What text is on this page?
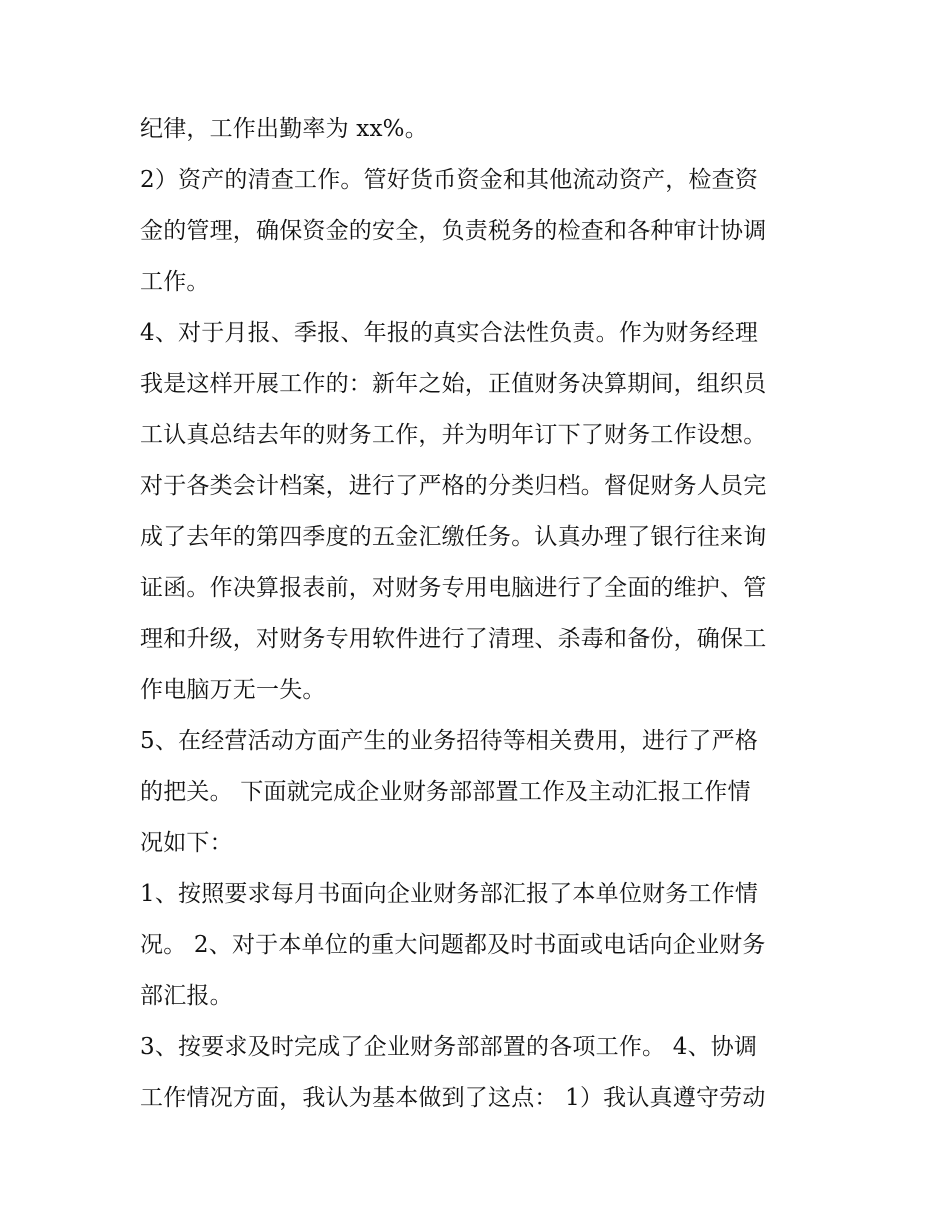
纪律，工作出勤率为 xx%。
2）资产的清查工作。管好货币资金和其他流动资产，检查资
金的管理，确保资金的安全，负责税务的检查和各种审计协调
工作。
4、对于月报、季报、年报的真实合法性负责。作为财务经理
我是这样开展工作的：新年之始，正值财务决算期间，组织员
工认真总结去年的财务工作，并为明年订下了财务工作设想。
对于各类会计档案，进行了严格的分类归档。督促财务人员完
成了去年的第四季度的五金汇缴任务。认真办理了银行往来询
证函。作决算报表前，对财务专用电脑进行了全面的维护、管
理和升级，对财务专用软件进行了清理、杀毒和备份，确保工
作电脑万无一失。
5、在经营活动方面产生的业务招待等相关费用，进行了严格
的把关。 下面就完成企业财务部部置工作及主动汇报工作情
况如下：
1、按照要求每月书面向企业财务部汇报了本单位财务工作情
况。 2、对于本单位的重大问题都及时书面或电话向企业财务
部汇报。
3、按要求及时完成了企业财务部部置的各项工作。 4、协调
工作情况方面，我认为基本做到了这点： 1）我认真遵守劳动
